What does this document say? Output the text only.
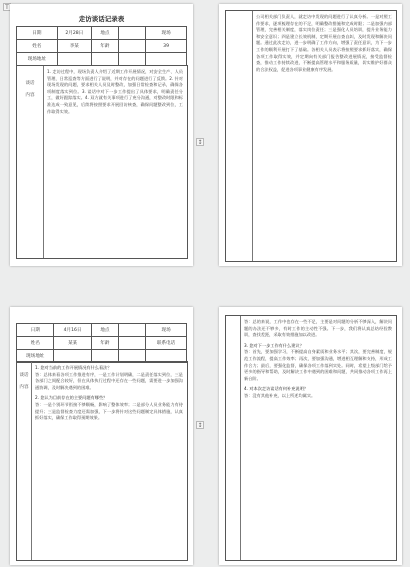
T
↕
↕
走访谈话记录表
日期	2月28日	地点		现场
姓名	李某	年龄		39
现场地址				
谈话内容
1. 走访过程中，现场负责人介绍了近期工作开展情况，对安全生产、人员管理、日常巡查等方面进行了说明，并对存在的问题进行了反馈。2. 针对现场发现的问题，要求相关人员及时整改，加强日常检查和记录，确保各项制度落实到位。3. 谈话中对下一步工作提出了具体要求，明确责任分工，做好跟踪落实。4. 双方就有关事项进行了充分沟通，对整改时限和标准达成一致意见，后续将按照要求开展回访核查，确保问题整改到位，工作取得实效。
公司相关部门负责人，就走访中发现的问题进行了认真分析。一是对照工作要求，逐项梳理存在的不足，明确整改措施和完成时限；二是加强内部管理，完善相关制度，落实岗位责任；三是强化人员培训，提升业务能力和安全意识；四是建立长效机制，定期开展自查自纠，及时发现和解决问题。通过此次走访，进一步明确了工作方向，增强了责任意识，为下一步工作的顺利开展打下了基础。各相关人员表示将按照要求抓好落实，确保各项工作取得实效，并定期向有关部门报告整改进展情况，接受监督检查，推动工作持续改进，不断提高管理水平和服务质量，切实维护好群众的合法权益，促进各项事业健康有序发展。
日期	4月16日	地点		现场
姓名	某某	年龄		联系电话
现场地址				
谈话内容
1. 您对当前的工作开展情况有什么看法？
答：总体来看各项工作推进有序，一是工作计划明确，二是责任落实到位，三是各部门之间配合较好，但在具体执行过程中还存在一些问题，需要进一步加强沟通协调，及时解决遇到的困难。
2. 您认为目前存在的主要问题有哪些？
答：一是个别环节衔接不够顺畅，影响了整体效率；二是部分人员业务能力有待提升；三是监督检查力度还需加强，下一步将针对这些问题制定具体措施，认真抓好落实，确保工作取得预期效果。
答：总的来说，工作中也存在一些不足，主要是对问题的分析不够深入，解决问题的办法还不够多，有时工作的主动性不强。下一步，我们将认真总结经验教训，查找差距，采取有效措施加以改进。
3. 您对下一步工作有什么建议？
答：首先，要加强学习，不断提高自身素质和业务水平；其次，要完善制度，规范工作流程，提高工作效率；再次，要加强沟通，增进相互理解和支持，形成工作合力；最后，要强化监督，确保各项工作落到实处。同时，希望上级部门给予更多的指导和帮助，及时解决工作中遇到的困难和问题，共同推动各项工作再上新台阶。
4. 对本次走访谈话有何补充说明？
答：没有其他补充，以上所述均属实。
